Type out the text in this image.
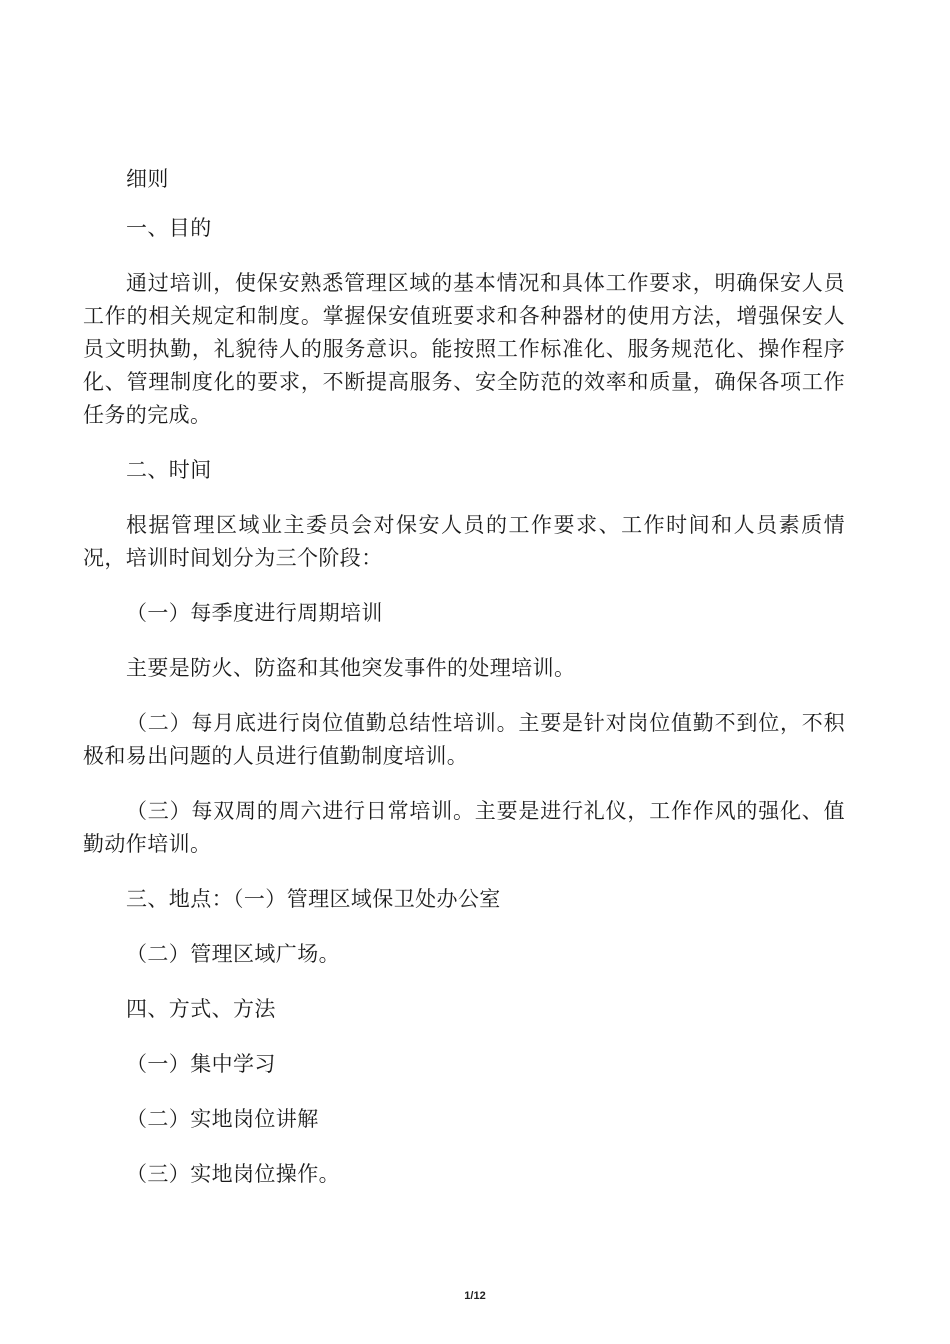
细则

一、目的

通过培训，使保安熟悉管理区域的基本情况和具体工作要求，明确保安人员工作的相关规定和制度。掌握保安值班要求和各种器材的使用方法，增强保安人员文明执勤，礼貌待人的服务意识。能按照工作标准化、服务规范化、操作程序化、管理制度化的要求，不断提高服务、安全防范的效率和质量，确保各项工作任务的完成。

二、时间

根据管理区域业主委员会对保安人员的工作要求、工作时间和人员素质情况，培训时间划分为三个阶段：

（一）每季度进行周期培训

主要是防火、防盗和其他突发事件的处理培训。

（二）每月底进行岗位值勤总结性培训。主要是针对岗位值勤不到位，不积极和易出问题的人员进行值勤制度培训。

（三）每双周的周六进行日常培训。主要是进行礼仪，工作作风的强化、值勤动作培训。

三、地点：（一）管理区域保卫处办公室

（二）管理区域广场。

四、方式、方法

（一）集中学习

（二）实地岗位讲解

（三）实地岗位操作。

1/12
